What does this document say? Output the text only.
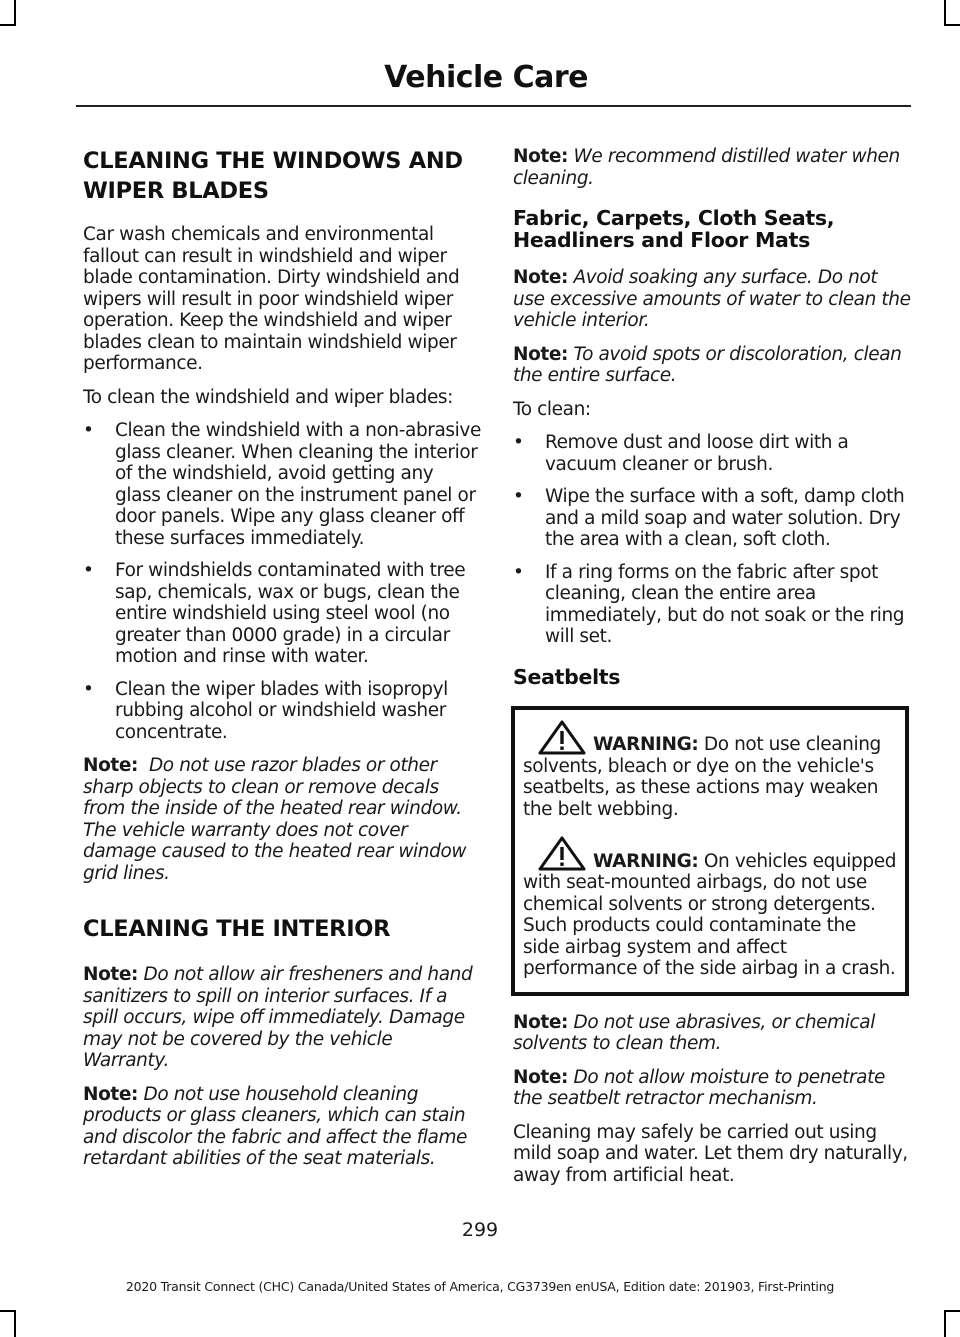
Vehicle Care
CLEANING THE WINDOWS AND
WIPER BLADES

Car wash chemicals and environmental fallout can result in windshield and wiper blade contamination. Dirty windshield and wipers will result in poor windshield wiper operation. Keep the windshield and wiper blades clean to maintain windshield wiper performance.

To clean the windshield and wiper blades:

• Clean the windshield with a non-abrasive glass cleaner. When cleaning the interior of the windshield, avoid getting any glass cleaner on the instrument panel or door panels. Wipe any glass cleaner off these surfaces immediately.
• For windshields contaminated with tree sap, chemicals, wax or bugs, clean the entire windshield using steel wool (no greater than 0000 grade) in a circular motion and rinse with water.
• Clean the wiper blades with isopropyl rubbing alcohol or windshield washer concentrate.

Note: Do not use razor blades or other sharp objects to clean or remove decals from the inside of the heated rear window. The vehicle warranty does not cover damage caused to the heated rear window grid lines.

CLEANING THE INTERIOR

Note: Do not allow air fresheners and hand sanitizers to spill on interior surfaces. If a spill occurs, wipe off immediately. Damage may not be covered by the vehicle Warranty.

Note: Do not use household cleaning products or glass cleaners, which can stain and discolor the fabric and affect the flame retardant abilities of the seat materials.

Note: We recommend distilled water when cleaning.

Fabric, Carpets, Cloth Seats, Headliners and Floor Mats

Note: Avoid soaking any surface. Do not use excessive amounts of water to clean the vehicle interior.

Note: To avoid spots or discoloration, clean the entire surface.

To clean:

• Remove dust and loose dirt with a vacuum cleaner or brush.
• Wipe the surface with a soft, damp cloth and a mild soap and water solution. Dry the area with a clean, soft cloth.
• If a ring forms on the fabric after spot cleaning, clean the entire area immediately, but do not soak or the ring will set.
Seatbelts
WARNING: Do not use cleaning
solvents, bleach or dye on the vehicle's seatbelts, as these actions may weaken the belt webbing.
WARNING: On vehicles equipped
with seat-mounted airbags, do not use chemical solvents or strong detergents. Such products could contaminate the side airbag system and affect performance of the side airbag in a crash.

Note: Do not use abrasives, or chemical solvents to clean them.

Note: Do not allow moisture to penetrate the seatbelt retractor mechanism.

Cleaning may safely be carried out using mild soap and water. Let them dry naturally, away from artificial heat.

299
2020 Transit Connect (CHC) Canada/United States of America, CG3739en enUSA, Edition date: 201903, First-Printing
